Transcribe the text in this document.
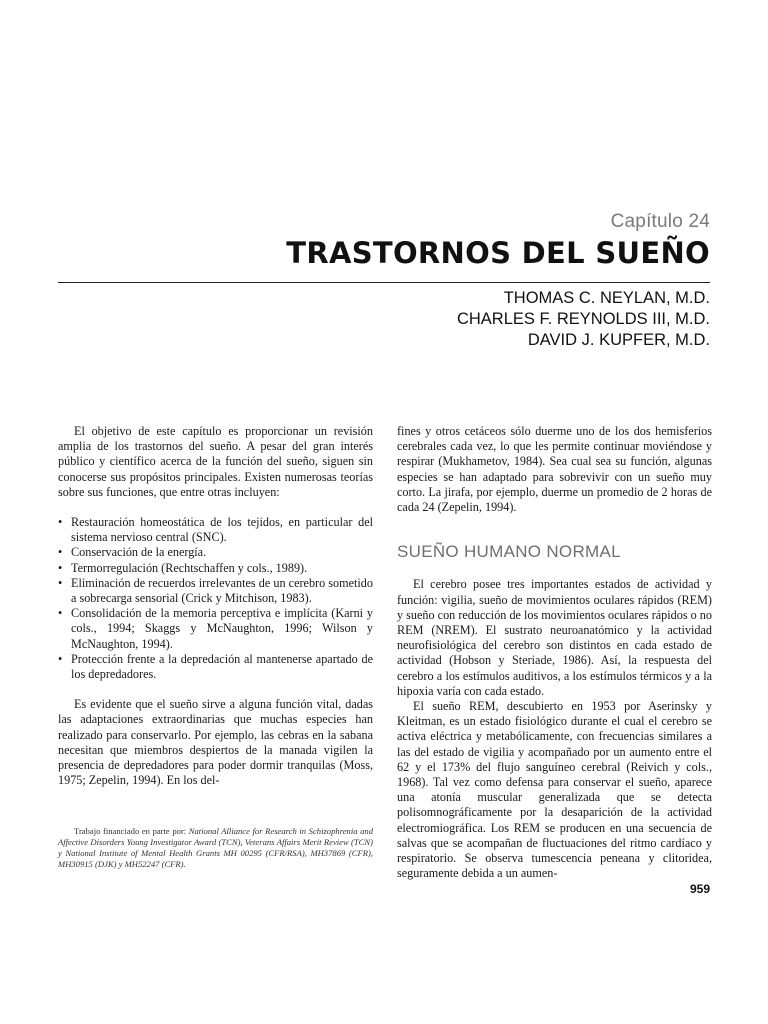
Capítulo 24
TRASTORNOS DEL SUEÑO
THOMAS C. NEYLAN, M.D.
CHARLES F. REYNOLDS III, M.D.
DAVID J. KUPFER, M.D.

El objetivo de este capítulo es proporcionar un revisión amplia de los trastornos del sueño. A pesar del gran interés público y científico acerca de la función del sueño, siguen sin conocerse sus propósitos principales. Existen numerosas teorías sobre sus funciones, que entre otras incluyen:

• Restauración homeostática de los tejidos, en particular del sistema nervioso central (SNC).
• Conservación de la energía.
• Termorregulación (Rechtschaffen y cols., 1989).
• Eliminación de recuerdos irrelevantes de un cerebro sometido a sobrecarga sensorial (Crick y Mitchison, 1983).
• Consolidación de la memoria perceptiva e implícita (Karni y cols., 1994; Skaggs y McNaughton, 1996; Wilson y McNaughton, 1994).
• Protección frente a la depredación al mantenerse apartado de los depredadores.

Es evidente que el sueño sirve a alguna función vital, dadas las adaptaciones extraordinarias que muchas especies han realizado para conservarlo. Por ejemplo, las cebras en la sabana necesitan que miembros despiertos de la manada vigilen la presencia de depredadores para poder dormir tranquilas (Moss, 1975; Zepelin, 1994). En los del-

Trabajo financiado en parte por: National Alliance for Research in Schizophrenia and Affective Disorders Young Investigator Award (TCN), Veterans Affairs Merit Review (TCN) y National Institute of Mental Health Grants MH 00295 (CFR/RSA), MH37869 (CFR), MH30915 (DJK) y MH52247 (CFR).

fines y otros cetáceos sólo duerme uno de los dos hemisferios cerebrales cada vez, lo que les permite continuar moviéndose y respirar (Mukhametov, 1984). Sea cual sea su función, algunas especies se han adaptado para sobrevivir con un sueño muy corto. La jirafa, por ejemplo, duerme un promedio de 2 horas de cada 24 (Zepelin, 1994).

SUEÑO HUMANO NORMAL

El cerebro posee tres importantes estados de actividad y función: vigilia, sueño de movimientos oculares rápidos (REM) y sueño con reducción de los movimientos oculares rápidos o no REM (NREM). El sustrato neuroanatómico y la actividad neurofisiológica del cerebro son distintos en cada estado de actividad (Hobson y Steriade, 1986). Así, la respuesta del cerebro a los estímulos auditivos, a los estímulos térmicos y a la hipoxia varía con cada estado.

El sueño REM, descubierto en 1953 por Aserinsky y Kleitman, es un estado fisiológico durante el cual el cerebro se activa eléctrica y metabólicamente, con frecuencias similares a las del estado de vigilia y acompañado por un aumento entre el 62 y el 173% del flujo sanguíneo cerebral (Reivich y cols., 1968). Tal vez como defensa para conservar el sueño, aparece una atonía muscular generalizada que se detecta polisomnográficamente por la desaparición de la actividad electromiográfica. Los REM se producen en una secuencia de salvas que se acompañan de fluctuaciones del ritmo cardíaco y respiratorio. Se observa tumescencia peneana y clitoridea, seguramente debida a un aumen-

959
